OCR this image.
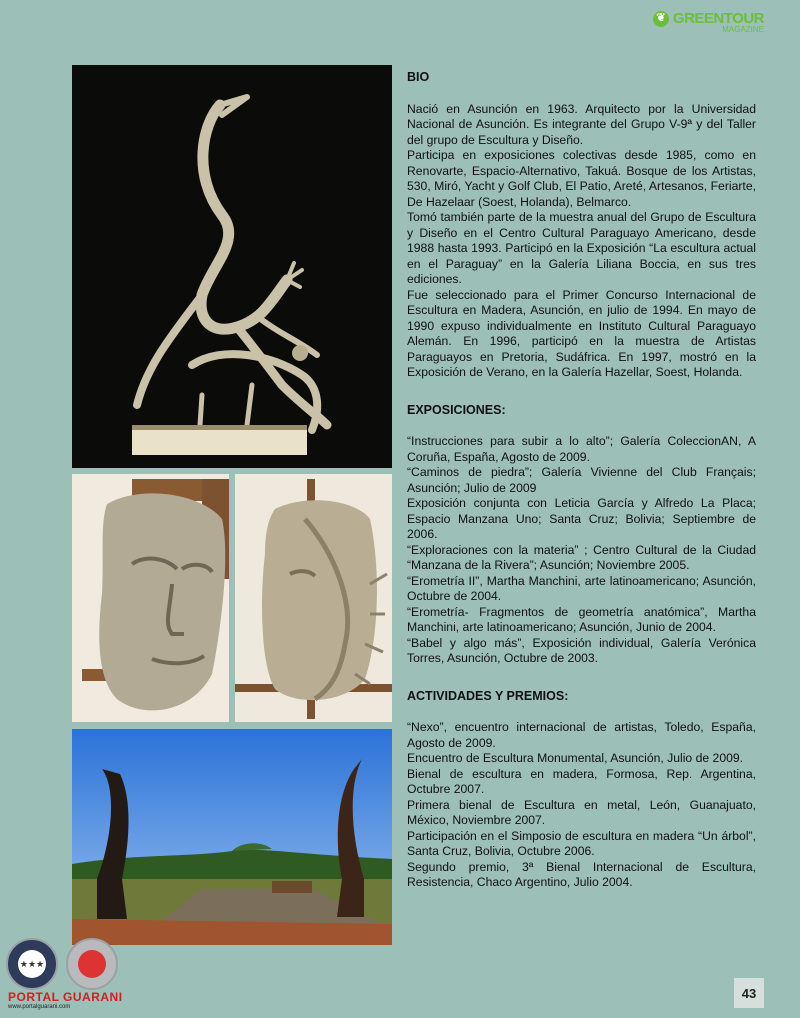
❦ GREENTOUR
MAGAZINE
BIO

Nació en Asunción en 1963. Arquitecto por la Universidad Nacional de Asunción. Es integrante del Grupo V-9ª y del Taller del grupo de Escultura y Diseño.

Participa en exposiciones colectivas desde 1985, como en Renovarte, Espacio-Alternativo, Takuá. Bosque de los Artistas, 530, Miró, Yacht y Golf Club, El Patio, Areté, Artesanos, Feriarte, De Hazelaar (Soest, Holanda), Belmarco.

Tomó también parte de la muestra anual del Grupo de Escultura y Diseño en el Centro Cultural Paraguayo Americano, desde 1988 hasta 1993. Participó en la Exposición “La escultura actual en el Paraguay” en la Galería Liliana Boccia, en sus tres ediciones.

Fue seleccionado para el Primer Concurso Internacional de Escultura en Madera, Asunción, en julio de 1994. En mayo de 1990 expuso individualmente en Instituto Cultural Paraguayo Alemán. En 1996, participó en la muestra de Artistas Paraguayos en Pretoria, Sudáfrica. En 1997, mostró en la Exposición de Verano, en la Galería Hazellar, Soest, Holanda.

EXPOSICIONES:

“Instrucciones para subir a lo alto”; Galería ColeccionAN, A Coruña, España, Agosto de 2009.

“Caminos de piedra”; Galería Vivienne del Club Français; Asunción; Julio de 2009

Exposición conjunta con Leticia García y Alfredo La Placa; Espacio Manzana Uno; Santa Cruz; Bolivia; Septiembre de 2006.

“Exploraciones con la materia” ; Centro Cultural de la Ciudad “Manzana de la Rivera”; Asunción; Noviembre 2005.

“Erometría II”, Martha Manchini, arte latinoamericano; Asunción, Octubre de 2004.

“Erometría- Fragmentos de geometría anatómica”, Martha Manchini, arte latinoamericano; Asunción, Junio de 2004.

“Babel y algo más”, Exposición individual, Galería Verónica Torres, Asunción, Octubre de 2003.

ACTIVIDADES Y PREMIOS:

“Nexo”, encuentro internacional de artistas, Toledo, España, Agosto de 2009.

Encuentro de Escultura Monumental, Asunción, Julio de 2009.

Bienal de escultura en madera, Formosa, Rep. Argentina, Octubre 2007.

Primera bienal de Escultura en metal, León, Guanajuato, México, Noviembre 2007.

Participación en el Simposio de escultura en madera “Un árbol”, Santa Cruz, Bolivia, Octubre 2006.

Segundo premio, 3ª Bienal Internacional de Escultura, Resistencia, Chaco Argentino, Julio 2004.

43
★★★
PORTAL GUARANI
www.portalguarani.com
